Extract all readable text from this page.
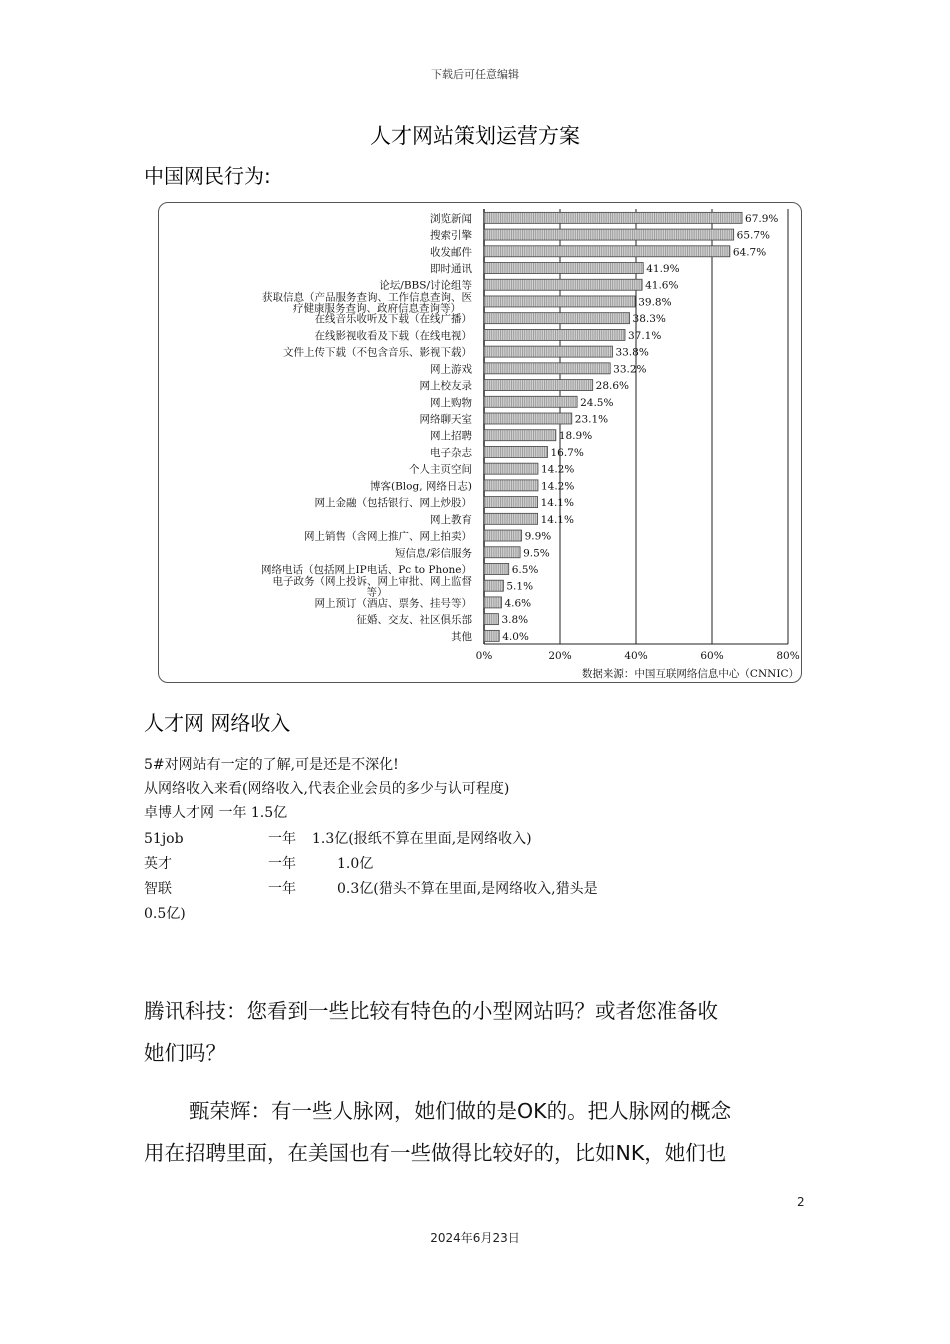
下载后可任意编辑
人才网站策划运营方案
中国网民行为:
67.9%
浏览新闻
65.7%
搜索引擎
64.7%
收发邮件
41.9%
即时通讯
41.6%
论坛/BBS/讨论组等
39.8%
获取信息（产品服务查询、工作信息查询、医
疗健康服务查询、政府信息查询等）
38.3%
在线音乐收听及下载（在线广播）
37.1%
在线影视收看及下载（在线电视）
33.8%
文件上传下载（不包含音乐、影视下载）
33.2%
网上游戏
28.6%
网上校友录
24.5%
网上购物
23.1%
网络聊天室
18.9%
网上招聘
16.7%
电子杂志
14.2%
个人主页空间
14.2%
博客(Blog, 网络日志)
14.1%
网上金融（包括银行、网上炒股）
14.1%
网上教育
9.9%
网上销售（含网上推广、网上拍卖）
9.5%
短信息/彩信服务
6.5%
网络电话（包括网上IP电话、Pc to Phone）
5.1%
电子政务（网上投诉、网上审批、网上监督
等）
4.6%
网上预订（酒店、票务、挂号等）
3.8%
征婚、交友、社区俱乐部
4.0%
其他
0%	20%	40%	60%	80%
数据来源：中国互联网络信息中心（CNNIC）
人才网 网络收入
5#对网站有一定的了解,可是还是不深化!
从网络收入来看(网络收入,代表企业会员的多少与认可程度)
卓博人才网 一年 1.5亿
51job	一年 1.3亿(报纸不算在里面,是网络收入)
英才	一年	1.0亿
智联	一年	0.3亿(猎头不算在里面,是网络收入,猎头是
0.5亿)
腾讯科技：您看到一些比较有特色的小型网站吗？或者您准备收
她们吗？
甄荣辉：有一些人脉网，她们做的是OK的。把人脉网的概念
用在招聘里面，在美国也有一些做得比较好的，比如NK，她们也
2
2024年6月23日
